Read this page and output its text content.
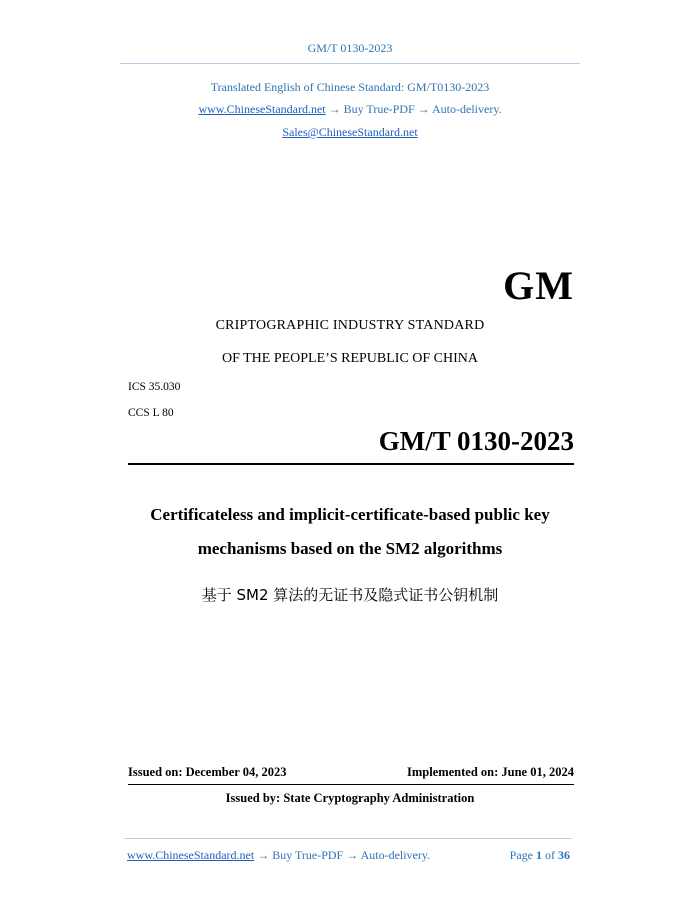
GM/T 0130-2023
Translated English of Chinese Standard: GM/T0130-2023
www.ChineseStandard.net → Buy True-PDF → Auto-delivery.
Sales@ChineseStandard.net
GM
CRIPTOGRAPHIC INDUSTRY STANDARD
OF THE PEOPLE’S REPUBLIC OF CHINA
ICS 35.030
CCS L 80
GM/T 0130-2023
Certificateless and implicit-certificate-based public key
mechanisms based on the SM2 algorithms
基于 SM2 算法的无证书及隐式证书公钥机制
Issued on: December 04, 2023	Implemented on: June 01, 2024
Issued by: State Cryptography Administration
www.ChineseStandard.net → Buy True-PDF → Auto-delivery.	Page 1 of 36
